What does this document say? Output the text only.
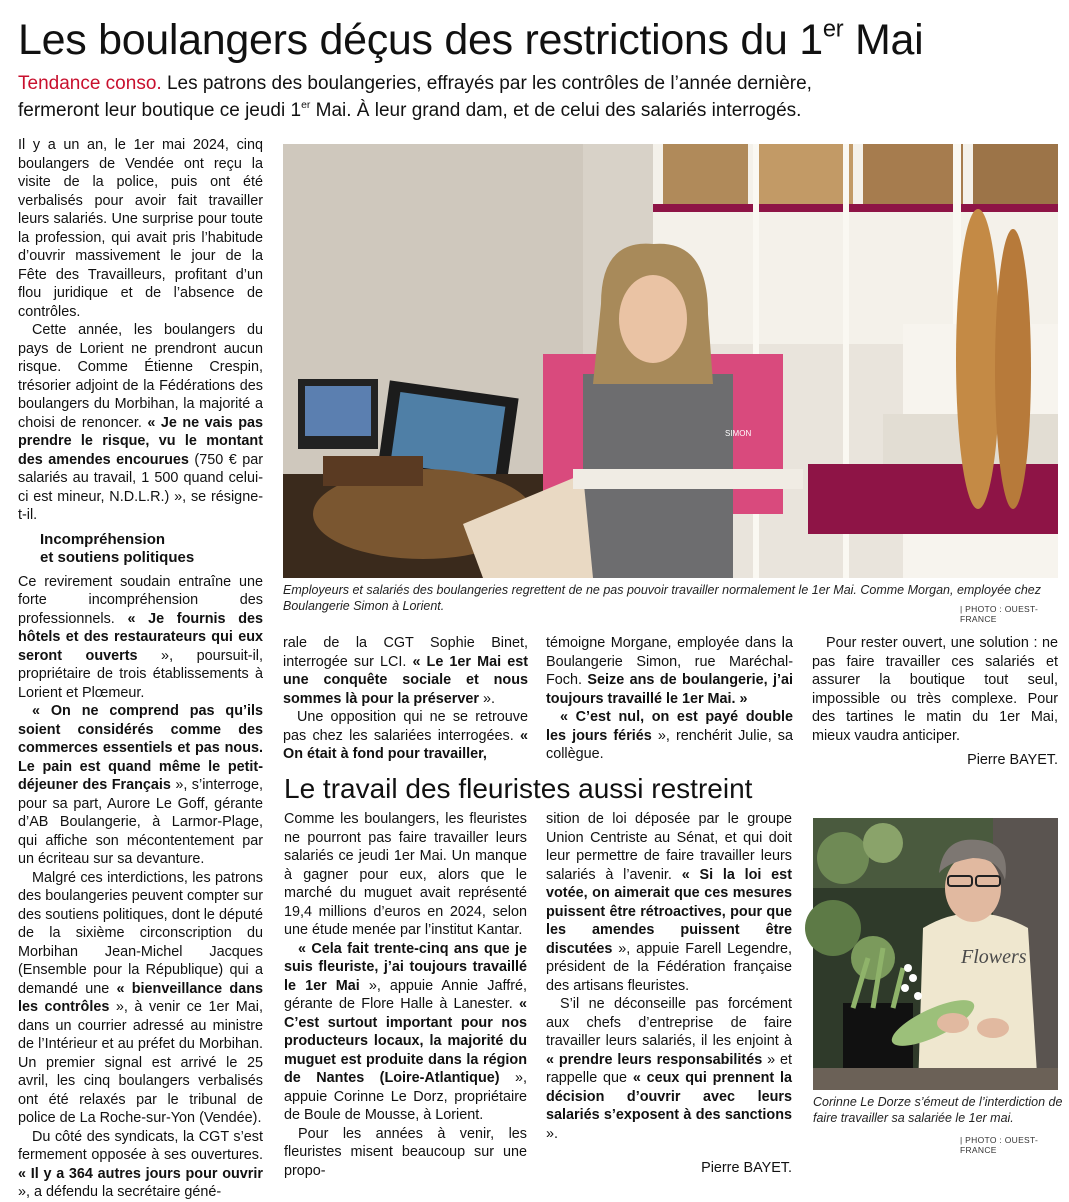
Les boulangers déçus des restrictions du 1er Mai
Tendance conso. Les patrons des boulangeries, effrayés par les contrôles de l’année dernière,
fermeront leur boutique ce jeudi 1er Mai. À leur grand dam, et de celui des salariés interrogés.

Il y a un an, le 1er mai 2024, cinq boulangers de Vendée ont reçu la visite de la police, puis ont été verbalisés pour avoir fait travailler leurs salariés. Une surprise pour toute la profession, qui avait pris l’habitude d’ouvrir massivement le jour de la Fête des Travailleurs, profitant d’un flou juridique et de l’absence de contrôles.

Cette année, les boulangers du pays de Lorient ne prendront aucun risque. Comme Étienne Crespin, trésorier adjoint de la Fédérations des boulangers du Morbihan, la majorité a choisi de renoncer. « Je ne vais pas prendre le risque, vu le montant des amendes encourues (750 € par salariés au travail, 1 500 quand celui-ci est mineur, N.D.L.R.) », se résigne-t-il.

Incompréhension
et soutiens politiques

Ce revirement soudain entraîne une forte incompréhension des professionnels. « Je fournis des hôtels et des restaurateurs qui eux seront ouverts », poursuit-il, propriétaire de trois établissements à Lorient et Plœmeur.

« On ne comprend pas qu’ils soient considérés comme des commerces essentiels et pas nous. Le pain est quand même le petit-déjeuner des Français », s’interroge, pour sa part, Aurore Le Goff, gérante d’AB Boulangerie, à Larmor-Plage, qui affiche son mécontentement par un écriteau sur sa devanture.

Malgré ces interdictions, les patrons des boulangeries peuvent compter sur des soutiens politiques, dont le député de la sixième circonscription du Morbihan Jean-Michel Jacques (Ensemble pour la République) qui a demandé une « bienveillance dans les contrôles », à venir ce 1er Mai, dans un courrier adressé au ministre de l’Intérieur et au préfet du Morbihan. Un premier signal est arrivé le 25 avril, les cinq boulangers verbalisés ont été relaxés par le tribunal de police de La Roche-sur-Yon (Vendée).

Du côté des syndicats, la CGT s’est fermement opposée à ses ouvertures. « Il y a 364 autres jours pour ouvrir », a défendu la secrétaire géné-

SIMON
Employeurs et salariés des boulangeries regrettent de ne pas pouvoir travailler normalement le 1er Mai. Comme Morgan, employée chez Boulangerie Simon à Lorient.	| PHOTO : OUEST-FRANCE

rale de la CGT Sophie Binet, interrogée sur LCI. « Le 1er Mai est une conquête sociale et nous sommes là pour la préserver ».

Une opposition qui ne se retrouve pas chez les salariées interrogées. « On était à fond pour travailler,

témoigne Morgane, employée dans la Boulangerie Simon, rue Maréchal-Foch. Seize ans de boulangerie, j’ai toujours travaillé le 1er Mai. »

« C’est nul, on est payé double les jours fériés », renchérit Julie, sa collègue.

Pour rester ouvert, une solution : ne pas faire travailler ces salariés et assurer la boutique tout seul, impossible ou très complexe. Pour des tartines le matin du 1er Mai, mieux vaudra anticiper.

Pierre BAYET.

Le travail des fleuristes aussi restreint

Comme les boulangers, les fleuristes ne pourront pas faire travailler leurs salariés ce jeudi 1er Mai. Un manque à gagner pour eux, alors que le marché du muguet avait représenté 19,4 millions d’euros en 2024, selon une étude menée par l’institut Kantar.

« Cela fait trente-cinq ans que je suis fleuriste, j’ai toujours travaillé le 1er Mai », appuie Annie Jaffré, gérante de Flore Halle à Lanester. « C’est surtout important pour nos producteurs locaux, la majorité du muguet est produite dans la région de Nantes (Loire-Atlantique) », appuie Corinne Le Dorz, propriétaire de Boule de Mousse, à Lorient.

Pour les années à venir, les fleuristes misent beaucoup sur une propo-

sition de loi déposée par le groupe Union Centriste au Sénat, et qui doit leur permettre de faire travailler leurs salariés à l’avenir. « Si la loi est votée, on aimerait que ces mesures puissent être rétroactives, pour que les amendes puissent être discutées », appuie Farell Legendre, président de la Fédération française des artisans fleuristes.

S’il ne déconseille pas forcément aux chefs d’entreprise de faire travailler leurs salariés, il les enjoint à « prendre leurs responsabilités » et rappelle que « ceux qui prennent la décision d’ouvrir avec leurs salariés s’exposent à des sanctions ».

Pierre BAYET.

Flowers
Corinne Le Dorze s’émeut de l’interdiction de faire travailler sa salariée le 1er mai.
| PHOTO : OUEST-FRANCE
